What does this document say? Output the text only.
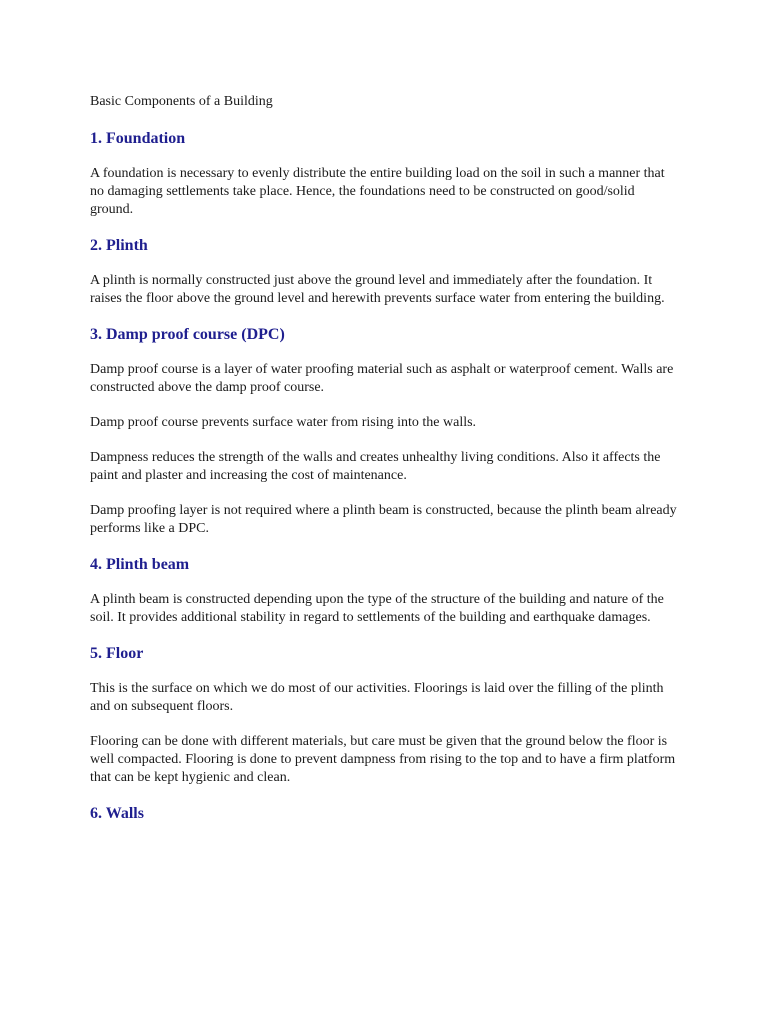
Basic Components of a Building
1. Foundation

A foundation is necessary to evenly distribute the entire building load on the soil in such a manner that no damaging settlements take place. Hence, the foundations need to be constructed on good/solid ground.

2. Plinth

A plinth is normally constructed just above the ground level and immediately after the foundation. It raises the floor above the ground level and herewith prevents surface water from entering the building.

3. Damp proof course (DPC)

Damp proof course is a layer of water proofing material such as asphalt or waterproof cement. Walls are constructed above the damp proof course.

Damp proof course prevents surface water from rising into the walls.

Dampness reduces the strength of the walls and creates unhealthy living conditions. Also it affects the paint and plaster and increasing the cost of maintenance.

Damp proofing layer is not required where a plinth beam is constructed, because the plinth beam already performs like a DPC.

4. Plinth beam

A plinth beam is constructed depending upon the type of the structure of the building and nature of the soil. It provides additional stability in regard to settlements of the building and earthquake damages.

5. Floor

This is the surface on which we do most of our activities. Floorings is laid over the filling of the plinth and on subsequent floors.

Flooring can be done with different materials, but care must be given that the ground below the floor is well compacted. Flooring is done to prevent dampness from rising to the top and to have a firm platform that can be kept hygienic and clean.

6. Walls
